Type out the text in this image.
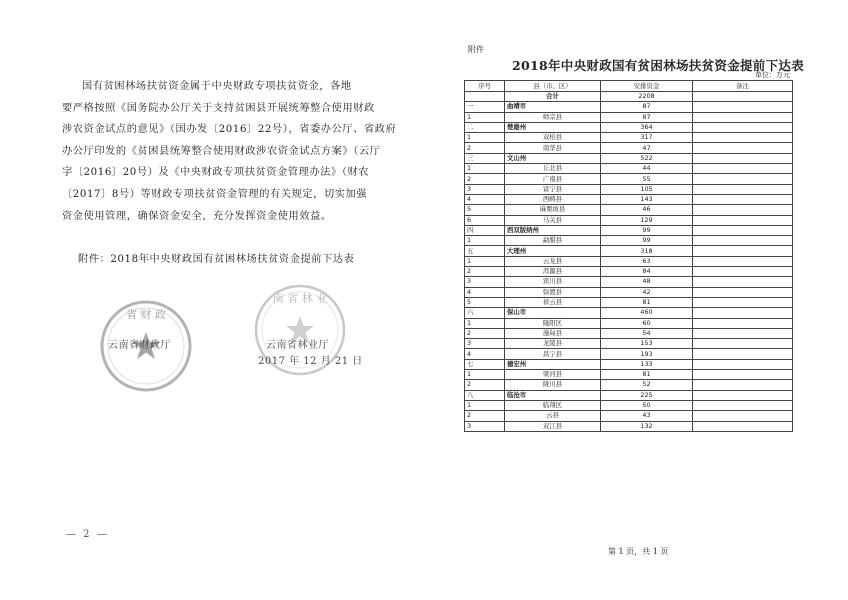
国有贫困林场扶贫资金属于中央财政专项扶贫资金，各地
要严格按照《国务院办公厅关于支持贫困县开展统筹整合使用财政
涉农资金试点的意见》（国办发〔2016〕22号），省委办公厅、省政府
办公厅印发的《贫困县统筹整合使用财政涉农资金试点方案》（云厅
字〔2016〕20号）及《中央财政专项扶贫资金管理办法》（财农
〔2017〕8号）等财政专项扶贫资金管理的有关规定，切实加强
资金使用管理，确保资金安全，充分发挥资金使用效益。
附件：2018年中央财政国有贫困林场扶贫资金提前下达表
省 财 政
云南省财政厅
南 省 林 业
云南省林业厅
2017 年 12 月 21 日
— 2 —
附件
2018年中央财政国有贫困林场扶贫资金提前下达表
单位：万元
序号	县（市、区）	安排资金	备注
	合计	2208	
一	曲靖市	87	
1	师宗县	87	
二	楚雄州	364	
1	双柏县	317	
2	南华县	47	
三	文山州	522	
1	丘北县	44	
2	广南县	55	
3	富宁县	105	
4	西畴县	143	
5	麻栗坡县	46	
6	马关县	129	
四	西双版纳州	99	
1	勐腊县	99	
五	大理州	318	
1	云龙县	63	
2	洱源县	84	
3	宾川县	48	
4	弥渡县	42	
5	祥云县	81	
六	保山市	460	
1	隆阳区	60	
2	施甸县	54	
3	龙陵县	153	
4	昌宁县	193	
七	德宏州	133	
1	梁河县	81	
2	陇川县	52	
八	临沧市	225	
1	临翔区	50	
2	云县	43	
3	双江县	132	
第 1 页，共 1 页
